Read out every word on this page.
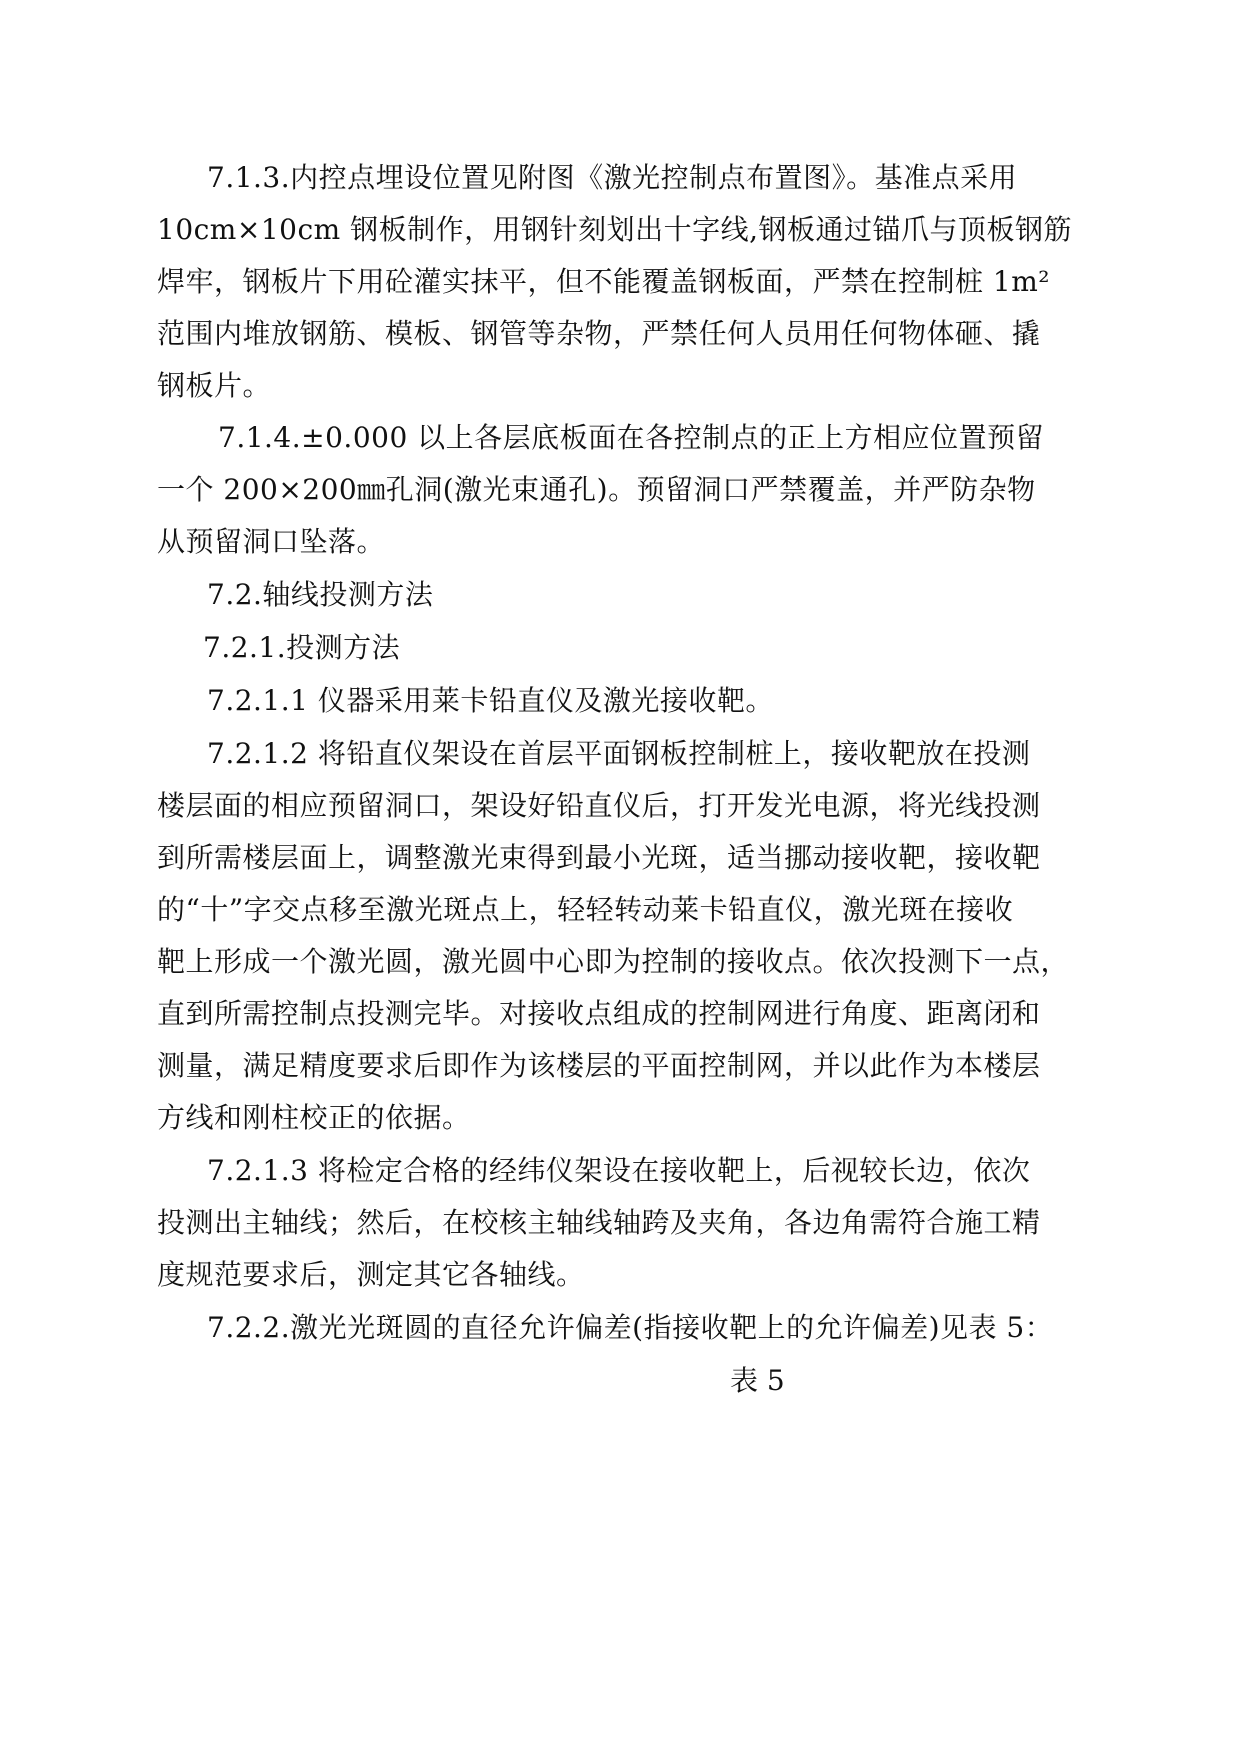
7.1.3.内控点埋设位置见附图《激光控制点布置图》。基准点采用
10cm×10cm 钢板制作，用钢针刻划出十字线,钢板通过锚爪与顶板钢筋
焊牢，钢板片下用砼灌实抹平，但不能覆盖钢板面，严禁在控制桩 1m²
范围内堆放钢筋、模板、钢管等杂物，严禁任何人员用任何物体砸、撬
钢板片。
7.1.4.±0.000 以上各层底板面在各控制点的正上方相应位置预留
一个 200×200㎜孔洞(激光束通孔)。预留洞口严禁覆盖，并严防杂物
从预留洞口坠落。
7.2.轴线投测方法
7.2.1.投测方法
7.2.1.1 仪器采用莱卡铅直仪及激光接收靶。
7.2.1.2 将铅直仪架设在首层平面钢板控制桩上，接收靶放在投测
楼层面的相应预留洞口，架设好铅直仪后，打开发光电源，将光线投测
到所需楼层面上，调整激光束得到最小光斑，适当挪动接收靶，接收靶
的“十”字交点移至激光斑点上，轻轻转动莱卡铅直仪，激光斑在接收
靶上形成一个激光圆，激光圆中心即为控制的接收点。依次投测下一点，
直到所需控制点投测完毕。对接收点组成的控制网进行角度、距离闭和
测量，满足精度要求后即作为该楼层的平面控制网，并以此作为本楼层
方线和刚柱校正的依据。
7.2.1.3 将检定合格的经纬仪架设在接收靶上，后视较长边，依次
投测出主轴线；然后，在校核主轴线轴跨及夹角，各边角需符合施工精
度规范要求后，测定其它各轴线。
7.2.2.激光光斑圆的直径允许偏差(指接收靶上的允许偏差)见表 5：
表 5
